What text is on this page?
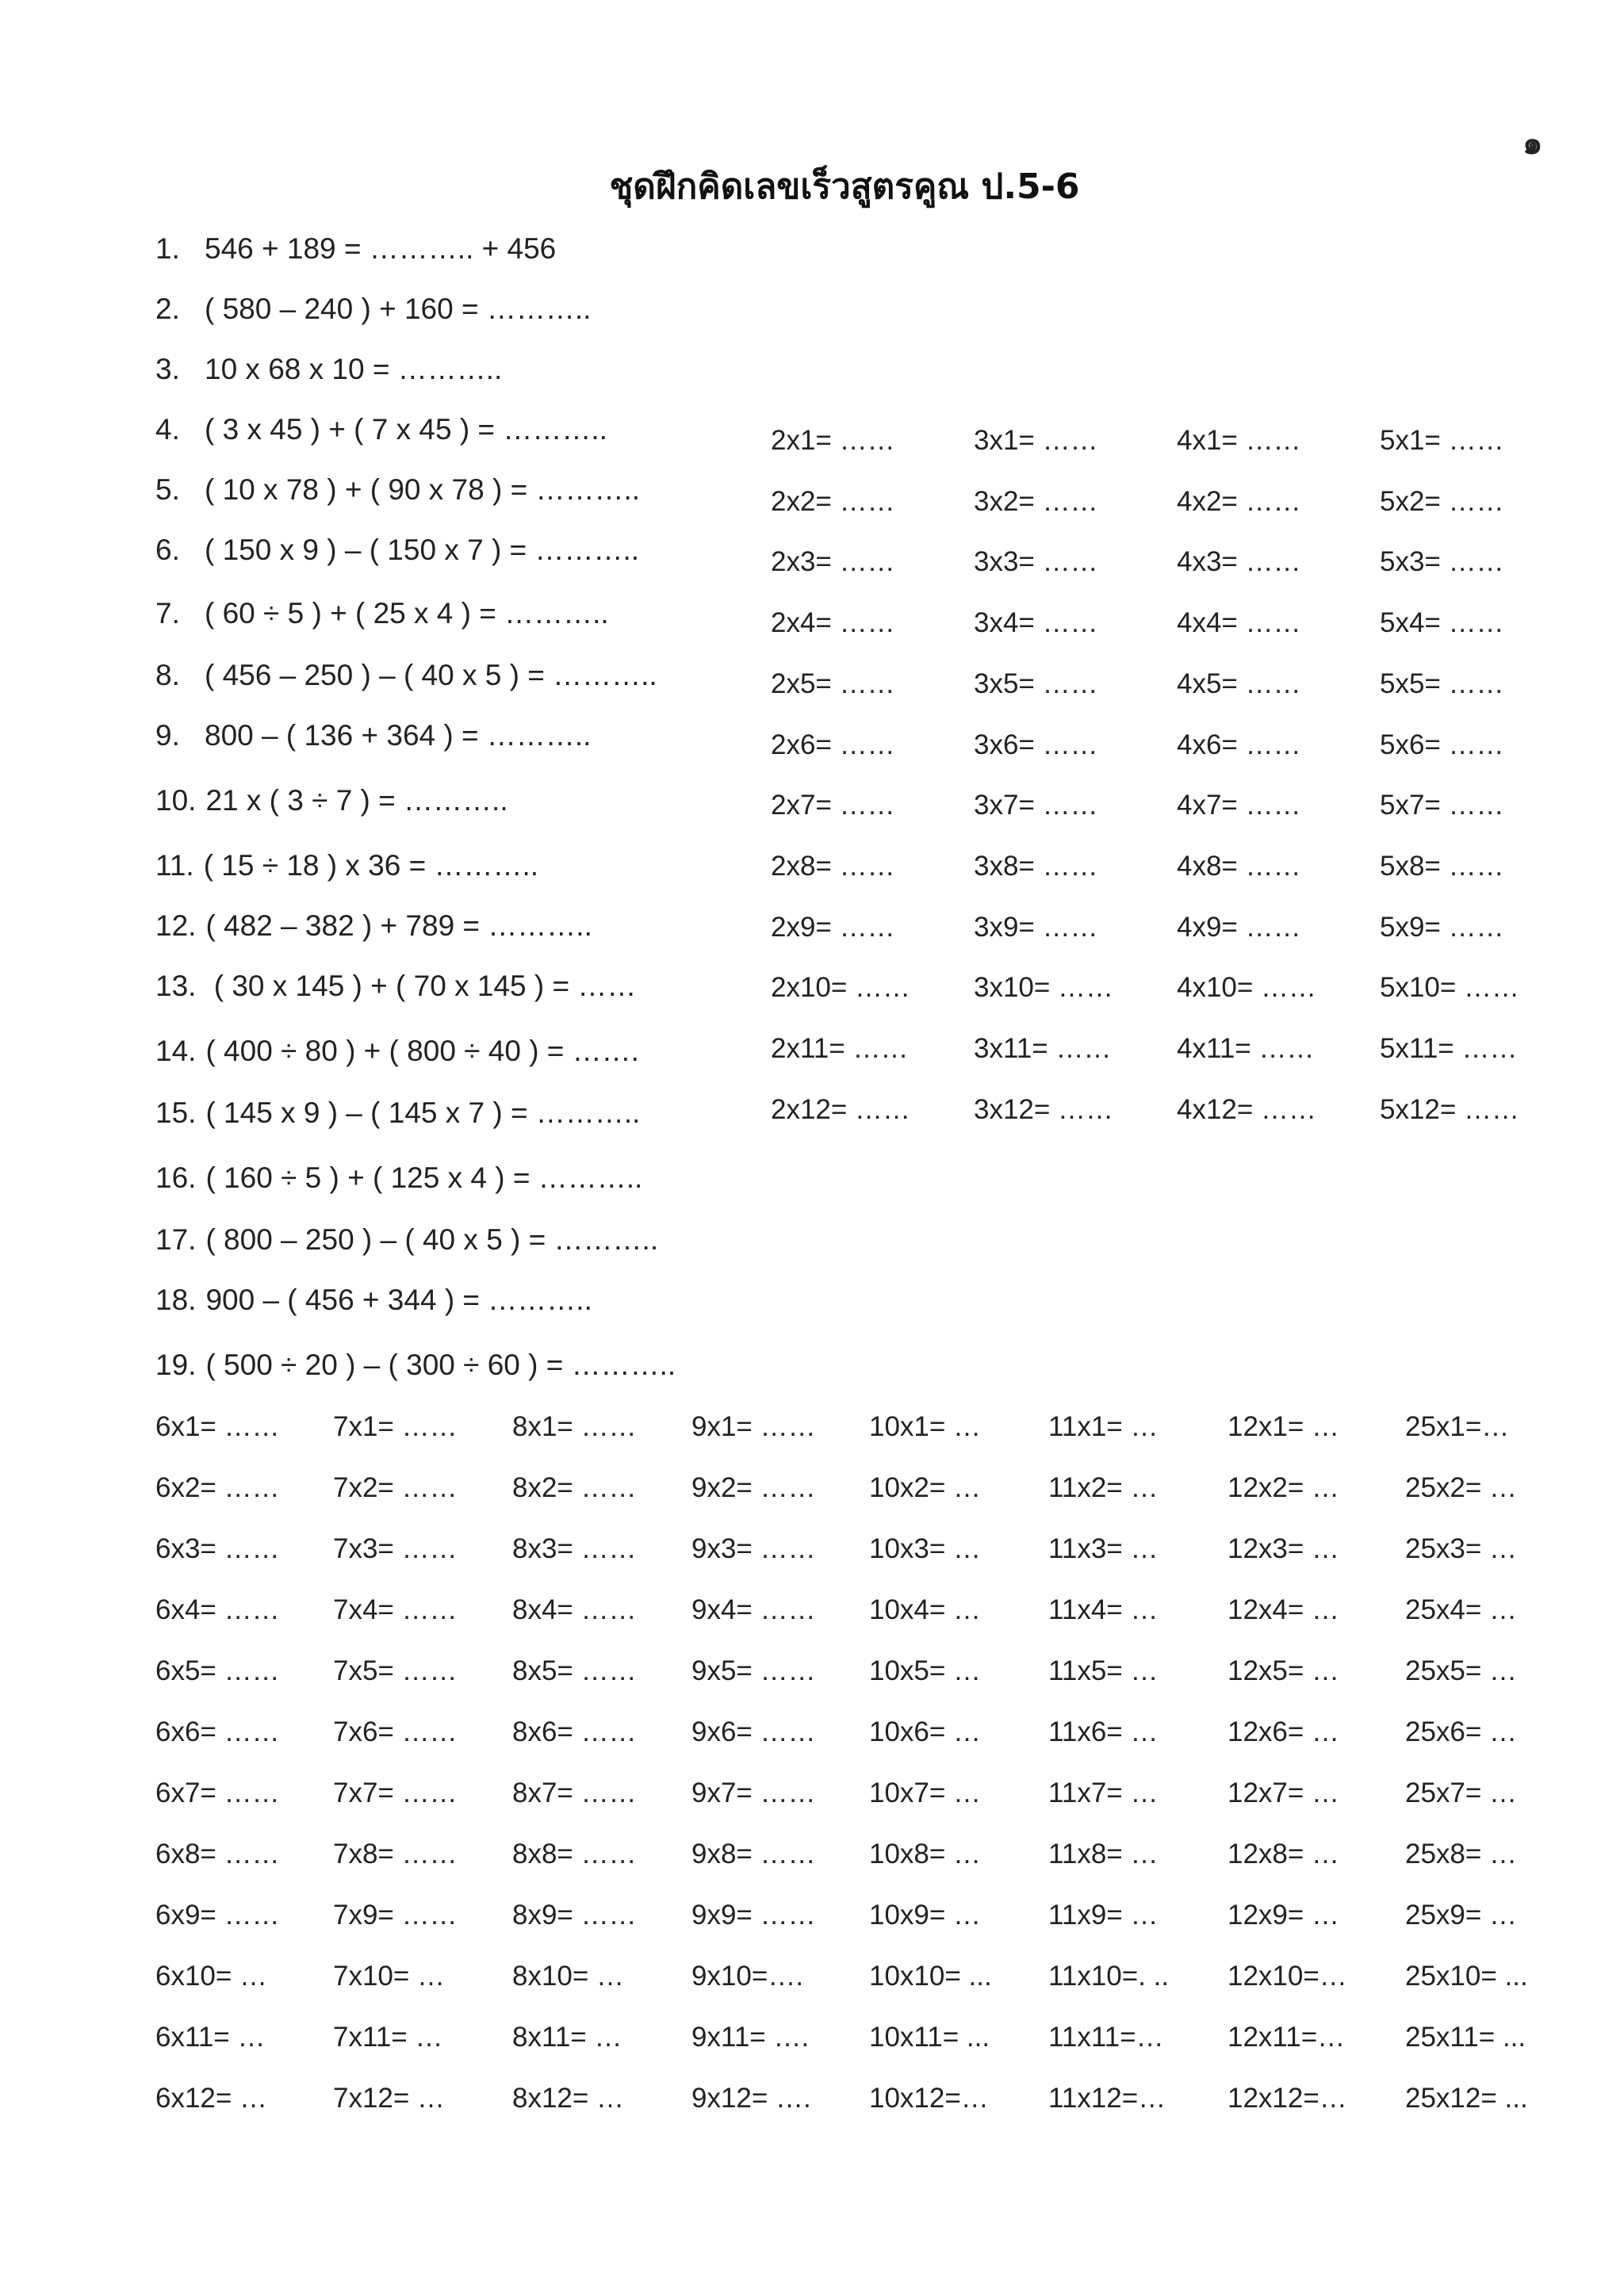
๑
ชุดฝึกคิดเลขเร็วสูตรคูณ ป.5-6
1. 546 + 189 = ……….. + 456
2. ( 580 – 240 ) + 160 = ………..
3. 10 x 68 x 10 = ………..
4. ( 3 x 45 ) + ( 7 x 45 ) = ………..
5. ( 10 x 78 ) + ( 90 x 78 ) = ………..
6. ( 150 x 9 ) – ( 150 x 7 ) = ………..
7. ( 60 ÷ 5 ) + ( 25 x 4 ) = ………..
8. ( 456 – 250 ) – ( 40 x 5 ) = ………..
9. 800 – ( 136 + 364 ) = ………..
10. 21 x ( 3 ÷ 7 ) = ………..
11. ( 15 ÷ 18 ) x 36 = ………..
12. ( 482 – 382 ) + 789 = ………..
13. ( 30 x 145 ) + ( 70 x 145 ) = ……
14. ( 400 ÷ 80 ) + ( 800 ÷ 40 ) = …….
15. ( 145 x 9 ) – ( 145 x 7 ) = ………..
16. ( 160 ÷ 5 ) + ( 125 x 4 ) = ………..
17. ( 800 – 250 ) – ( 40 x 5 ) = ………..
18. 900 – ( 456 + 344 ) = ………..
19. ( 500 ÷ 20 ) – ( 300 ÷ 60 ) = ………..
2x1= ……
2x2= ……
2x3= ……
2x4= ……
2x5= ……
2x6= ……
2x7= ……
2x8= ……
2x9= ……
2x10= ……
2x11= ……
2x12= ……
3x1= ……
3x2= ……
3x3= ……
3x4= ……
3x5= ……
3x6= ……
3x7= ……
3x8= ……
3x9= ……
3x10= ……
3x11= ……
3x12= ……
4x1= ……
4x2= ……
4x3= ……
4x4= ……
4x5= ……
4x6= ……
4x7= ……
4x8= ……
4x9= ……
4x10= ……
4x11= ……
4x12= ……
5x1= ……
5x2= ……
5x3= ……
5x4= ……
5x5= ……
5x6= ……
5x7= ……
5x8= ……
5x9= ……
5x10= ……
5x11= ……
5x12= ……
6x1= ……
6x2= ……
6x3= ……
6x4= ……
6x5= ……
6x6= ……
6x7= ……
6x8= ……
6x9= ……
6x10= …
6x11= …
6x12= …
7x1= ……
7x2= ……
7x3= ……
7x4= ……
7x5= ……
7x6= ……
7x7= ……
7x8= ……
7x9= ……
7x10= …
7x11= …
7x12= …
8x1= ……
8x2= ……
8x3= ……
8x4= ……
8x5= ……
8x6= ……
8x7= ……
8x8= ……
8x9= ……
8x10= …
8x11= …
8x12= …
9x1= ……
9x2= ……
9x3= ……
9x4= ……
9x5= ……
9x6= ……
9x7= ……
9x8= ……
9x9= ……
9x10=….
9x11= ….
9x12= ….
10x1= …
10x2= …
10x3= …
10x4= …
10x5= …
10x6= …
10x7= …
10x8= …
10x9= …
10x10= ...
10x11= ...
10x12=…
11x1= …
11x2= …
11x3= …
11x4= …
11x5= …
11x6= …
11x7= …
11x8= …
11x9= …
11x10=. ..
11x11=…
11x12=…
12x1= …
12x2= …
12x3= …
12x4= …
12x5= …
12x6= …
12x7= …
12x8= …
12x9= …
12x10=…
12x11=…
12x12=…
25x1=…
25x2= …
25x3= …
25x4= …
25x5= …
25x6= …
25x7= …
25x8= …
25x9= …
25x10= ...
25x11= ...
25x12= ...
